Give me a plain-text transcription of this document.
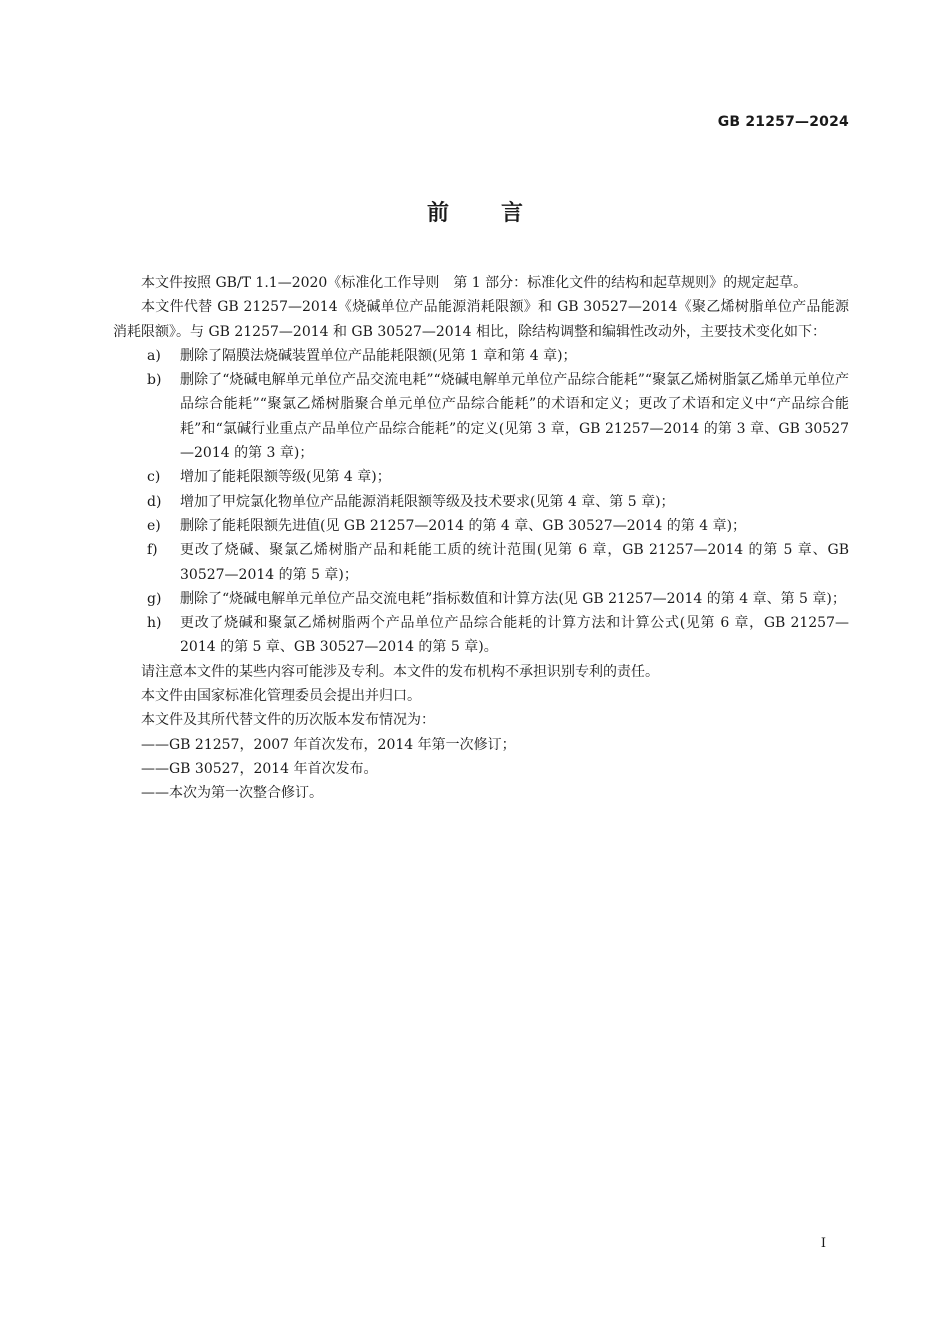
GB 21257—2024
前 言

本文件按照 GB/T 1.1—2020《标准化工作导则　第 1 部分：标准化文件的结构和起草规则》的规定起草。

本文件代替 GB 21257—2014《烧碱单位产品能源消耗限额》和 GB 30527—2014《聚乙烯树脂单位产品能源消耗限额》。与 GB 21257—2014 和 GB 30527—2014 相比，除结构调整和编辑性改动外，主要技术变化如下：

a) 删除了隔膜法烧碱装置单位产品能耗限额(见第 1 章和第 4 章)；
b) 删除了“烧碱电解单元单位产品交流电耗”“烧碱电解单元单位产品综合能耗”“聚氯乙烯树脂氯乙烯单元单位产品综合能耗”“聚氯乙烯树脂聚合单元单位产品综合能耗”的术语和定义；更改了术语和定义中“产品综合能耗”和“氯碱行业重点产品单位产品综合能耗”的定义(见第 3 章，GB 21257—2014 的第 3 章、GB 30527—2014 的第 3 章)；
c) 增加了能耗限额等级(见第 4 章)；
d) 增加了甲烷氯化物单位产品能源消耗限额等级及技术要求(见第 4 章、第 5 章)；
e) 删除了能耗限额先进值(见 GB 21257—2014 的第 4 章、GB 30527—2014 的第 4 章)；
f) 更改了烧碱、聚氯乙烯树脂产品和耗能工质的统计范围(见第 6 章，GB 21257—2014 的第 5 章、GB 30527—2014 的第 5 章)；
g) 删除了“烧碱电解单元单位产品交流电耗”指标数值和计算方法(见 GB 21257—2014 的第 4 章、第 5 章)；
h) 更改了烧碱和聚氯乙烯树脂两个产品单位产品综合能耗的计算方法和计算公式(见第 6 章，GB 21257—2014 的第 5 章、GB 30527—2014 的第 5 章)。

请注意本文件的某些内容可能涉及专利。本文件的发布机构不承担识别专利的责任。

本文件由国家标准化管理委员会提出并归口。

本文件及其所代替文件的历次版本发布情况为：

——GB 21257，2007 年首次发布，2014 年第一次修订；

——GB 30527，2014 年首次发布。

——本次为第一次整合修订。

I
